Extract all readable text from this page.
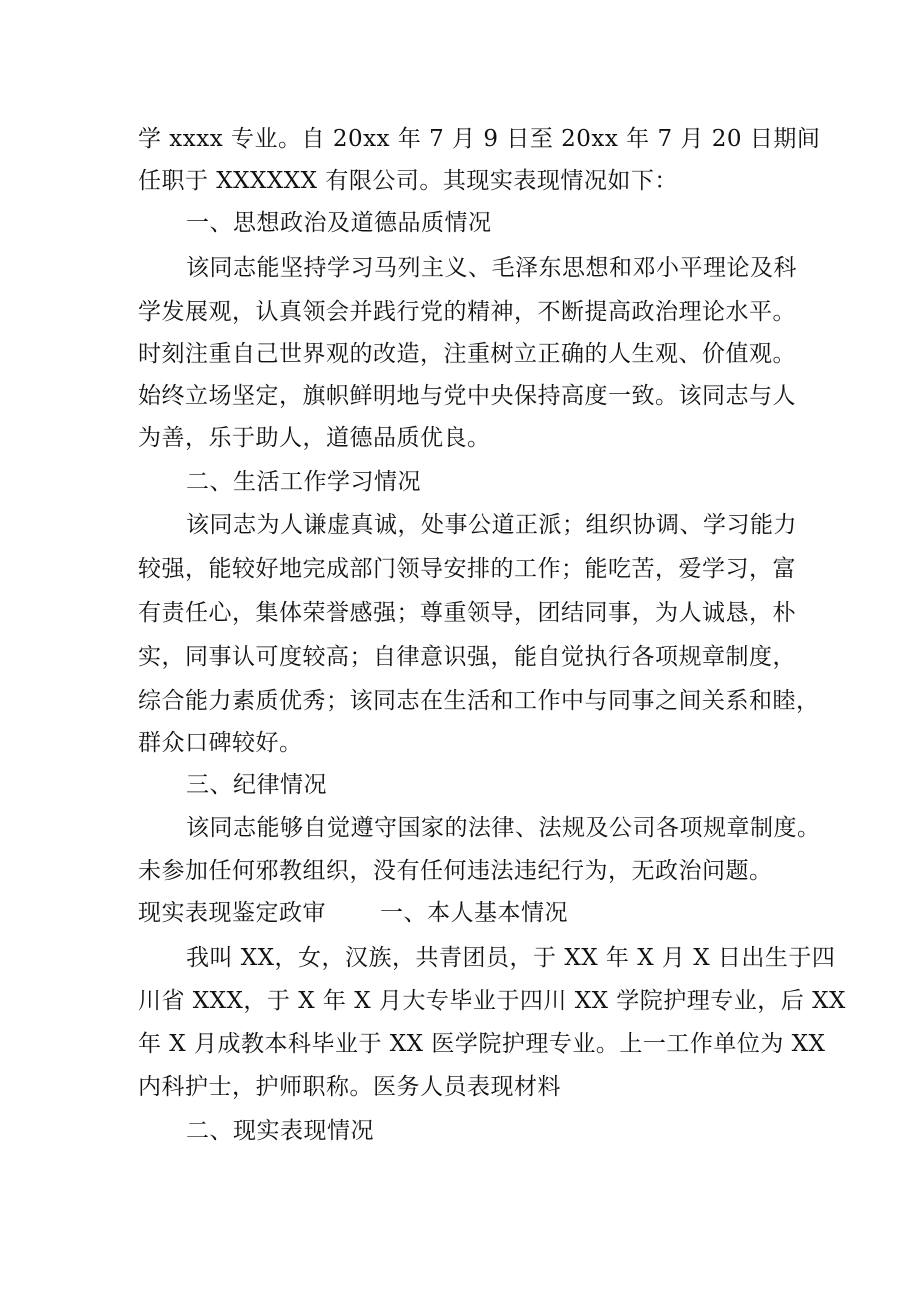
学 xxxx 专业。自 20xx 年 7 月 9 日至 20xx 年 7 月 20 日期间
任职于 XXXXXX 有限公司。其现实表现情况如下：
一、思想政治及道德品质情况
该同志能坚持学习马列主义、毛泽东思想和邓小平理论及科
学发展观，认真领会并践行党的精神，不断提高政治理论水平。
时刻注重自己世界观的改造，注重树立正确的人生观、价值观。
始终立场坚定，旗帜鲜明地与党中央保持高度一致。该同志与人
为善，乐于助人，道德品质优良。
二、生活工作学习情况
该同志为人谦虚真诚，处事公道正派；组织协调、学习能力
较强，能较好地完成部门领导安排的工作；能吃苦，爱学习，富
有责任心，集体荣誉感强；尊重领导，团结同事，为人诚恳，朴
实，同事认可度较高；自律意识强，能自觉执行各项规章制度，
综合能力素质优秀；该同志在生活和工作中与同事之间关系和睦，
群众口碑较好。
三、纪律情况
该同志能够自觉遵守国家的法律、法规及公司各项规章制度。
未参加任何邪教组织，没有任何违法违纪行为，无政治问题。
现实表现鉴定政审 一、本人基本情况
我叫 XX，女，汉族，共青团员，于 XX 年 X 月 X 日出生于四
川省 XXX，于 X 年 X 月大专毕业于四川 XX 学院护理专业，后 XX
年 X 月成教本科毕业于 XX 医学院护理专业。上一工作单位为 XX
内科护士，护师职称。医务人员表现材料
二、现实表现情况
